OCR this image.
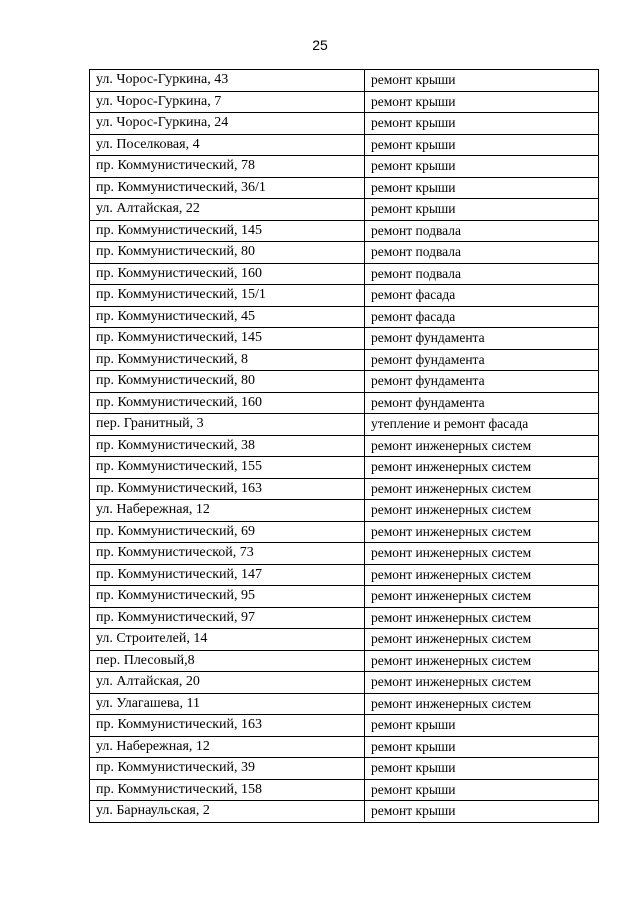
25
ул. Чорос-Гуркина, 43	ремонт крыши
ул. Чорос-Гуркина, 7	ремонт крыши
ул. Чорос-Гуркина, 24	ремонт крыши
ул. Поселковая, 4	ремонт крыши
пр. Коммунистический, 78	ремонт крыши
пр. Коммунистический, 36/1	ремонт крыши
ул. Алтайская, 22	ремонт крыши
пр. Коммунистический, 145	ремонт подвала
пр. Коммунистический, 80	ремонт подвала
пр. Коммунистический, 160	ремонт подвала
пр. Коммунистический, 15/1	ремонт фасада
пр. Коммунистический, 45	ремонт фасада
пр. Коммунистический, 145	ремонт фундамента
пр. Коммунистический, 8	ремонт фундамента
пр. Коммунистический, 80	ремонт фундамента
пр. Коммунистический, 160	ремонт фундамента
пер. Гранитный, 3	утепление и ремонт фасада
пр. Коммунистический, 38	ремонт инженерных систем
пр. Коммунистический, 155	ремонт инженерных систем
пр. Коммунистический, 163	ремонт инженерных систем
ул. Набережная, 12	ремонт инженерных систем
пр. Коммунистический, 69	ремонт инженерных систем
пр. Коммунистической, 73	ремонт инженерных систем
пр. Коммунистический, 147	ремонт инженерных систем
пр. Коммунистический, 95	ремонт инженерных систем
пр. Коммунистический, 97	ремонт инженерных систем
ул. Строителей, 14	ремонт инженерных систем
пер. Плесовый,8	ремонт инженерных систем
ул. Алтайская, 20	ремонт инженерных систем
ул. Улагашева, 11	ремонт инженерных систем
пр. Коммунистический, 163	ремонт крыши
ул. Набережная, 12	ремонт крыши
пр. Коммунистический, 39	ремонт крыши
пр. Коммунистический, 158	ремонт крыши
ул. Барнаульская, 2	ремонт крыши
